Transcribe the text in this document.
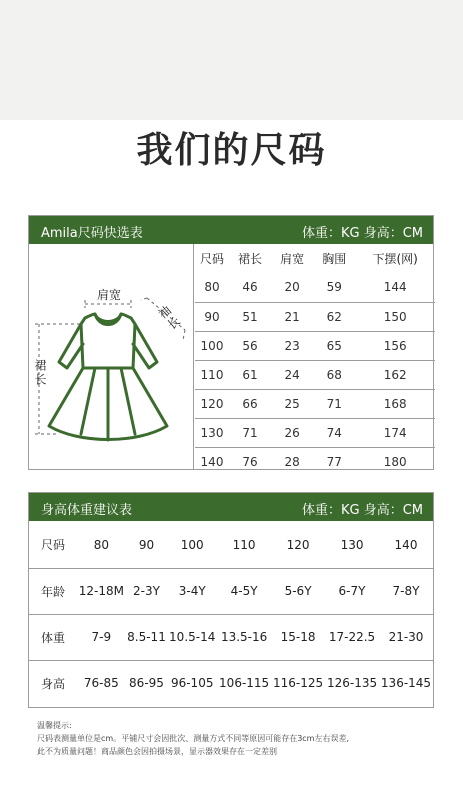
我们的尺码
Amila尺码快选表	体重：KG 身高：CM
肩宽
袖长
裙长
尺码	裙长	肩宽	胸围	下摆(网)
80	46	20	59	144
90	51	21	62	150
100	56	23	65	156
110	61	24	68	162
120	66	25	71	168
130	71	26	74	174
140	76	28	77	180
身高体重建议表	体重：KG 身高：CM
尺码	80	90	100	110	120	130	140
年龄	12-18M	2-3Y	3-4Y	4-5Y	5-6Y	6-7Y	7-8Y
体重	7-9	8.5-11	10.5-14	13.5-16	15-18	17-22.5	21-30
身高	76-85	86-95	96-105	106-115	116-125	126-135	136-145
温馨提示:
尺码表测量单位是cm。平铺尺寸会因批次、测量方式不同等原因可能存在3cm左右误差,
此不为质量问题！商品颜色会因拍摄场景，显示器效果存在一定差别
